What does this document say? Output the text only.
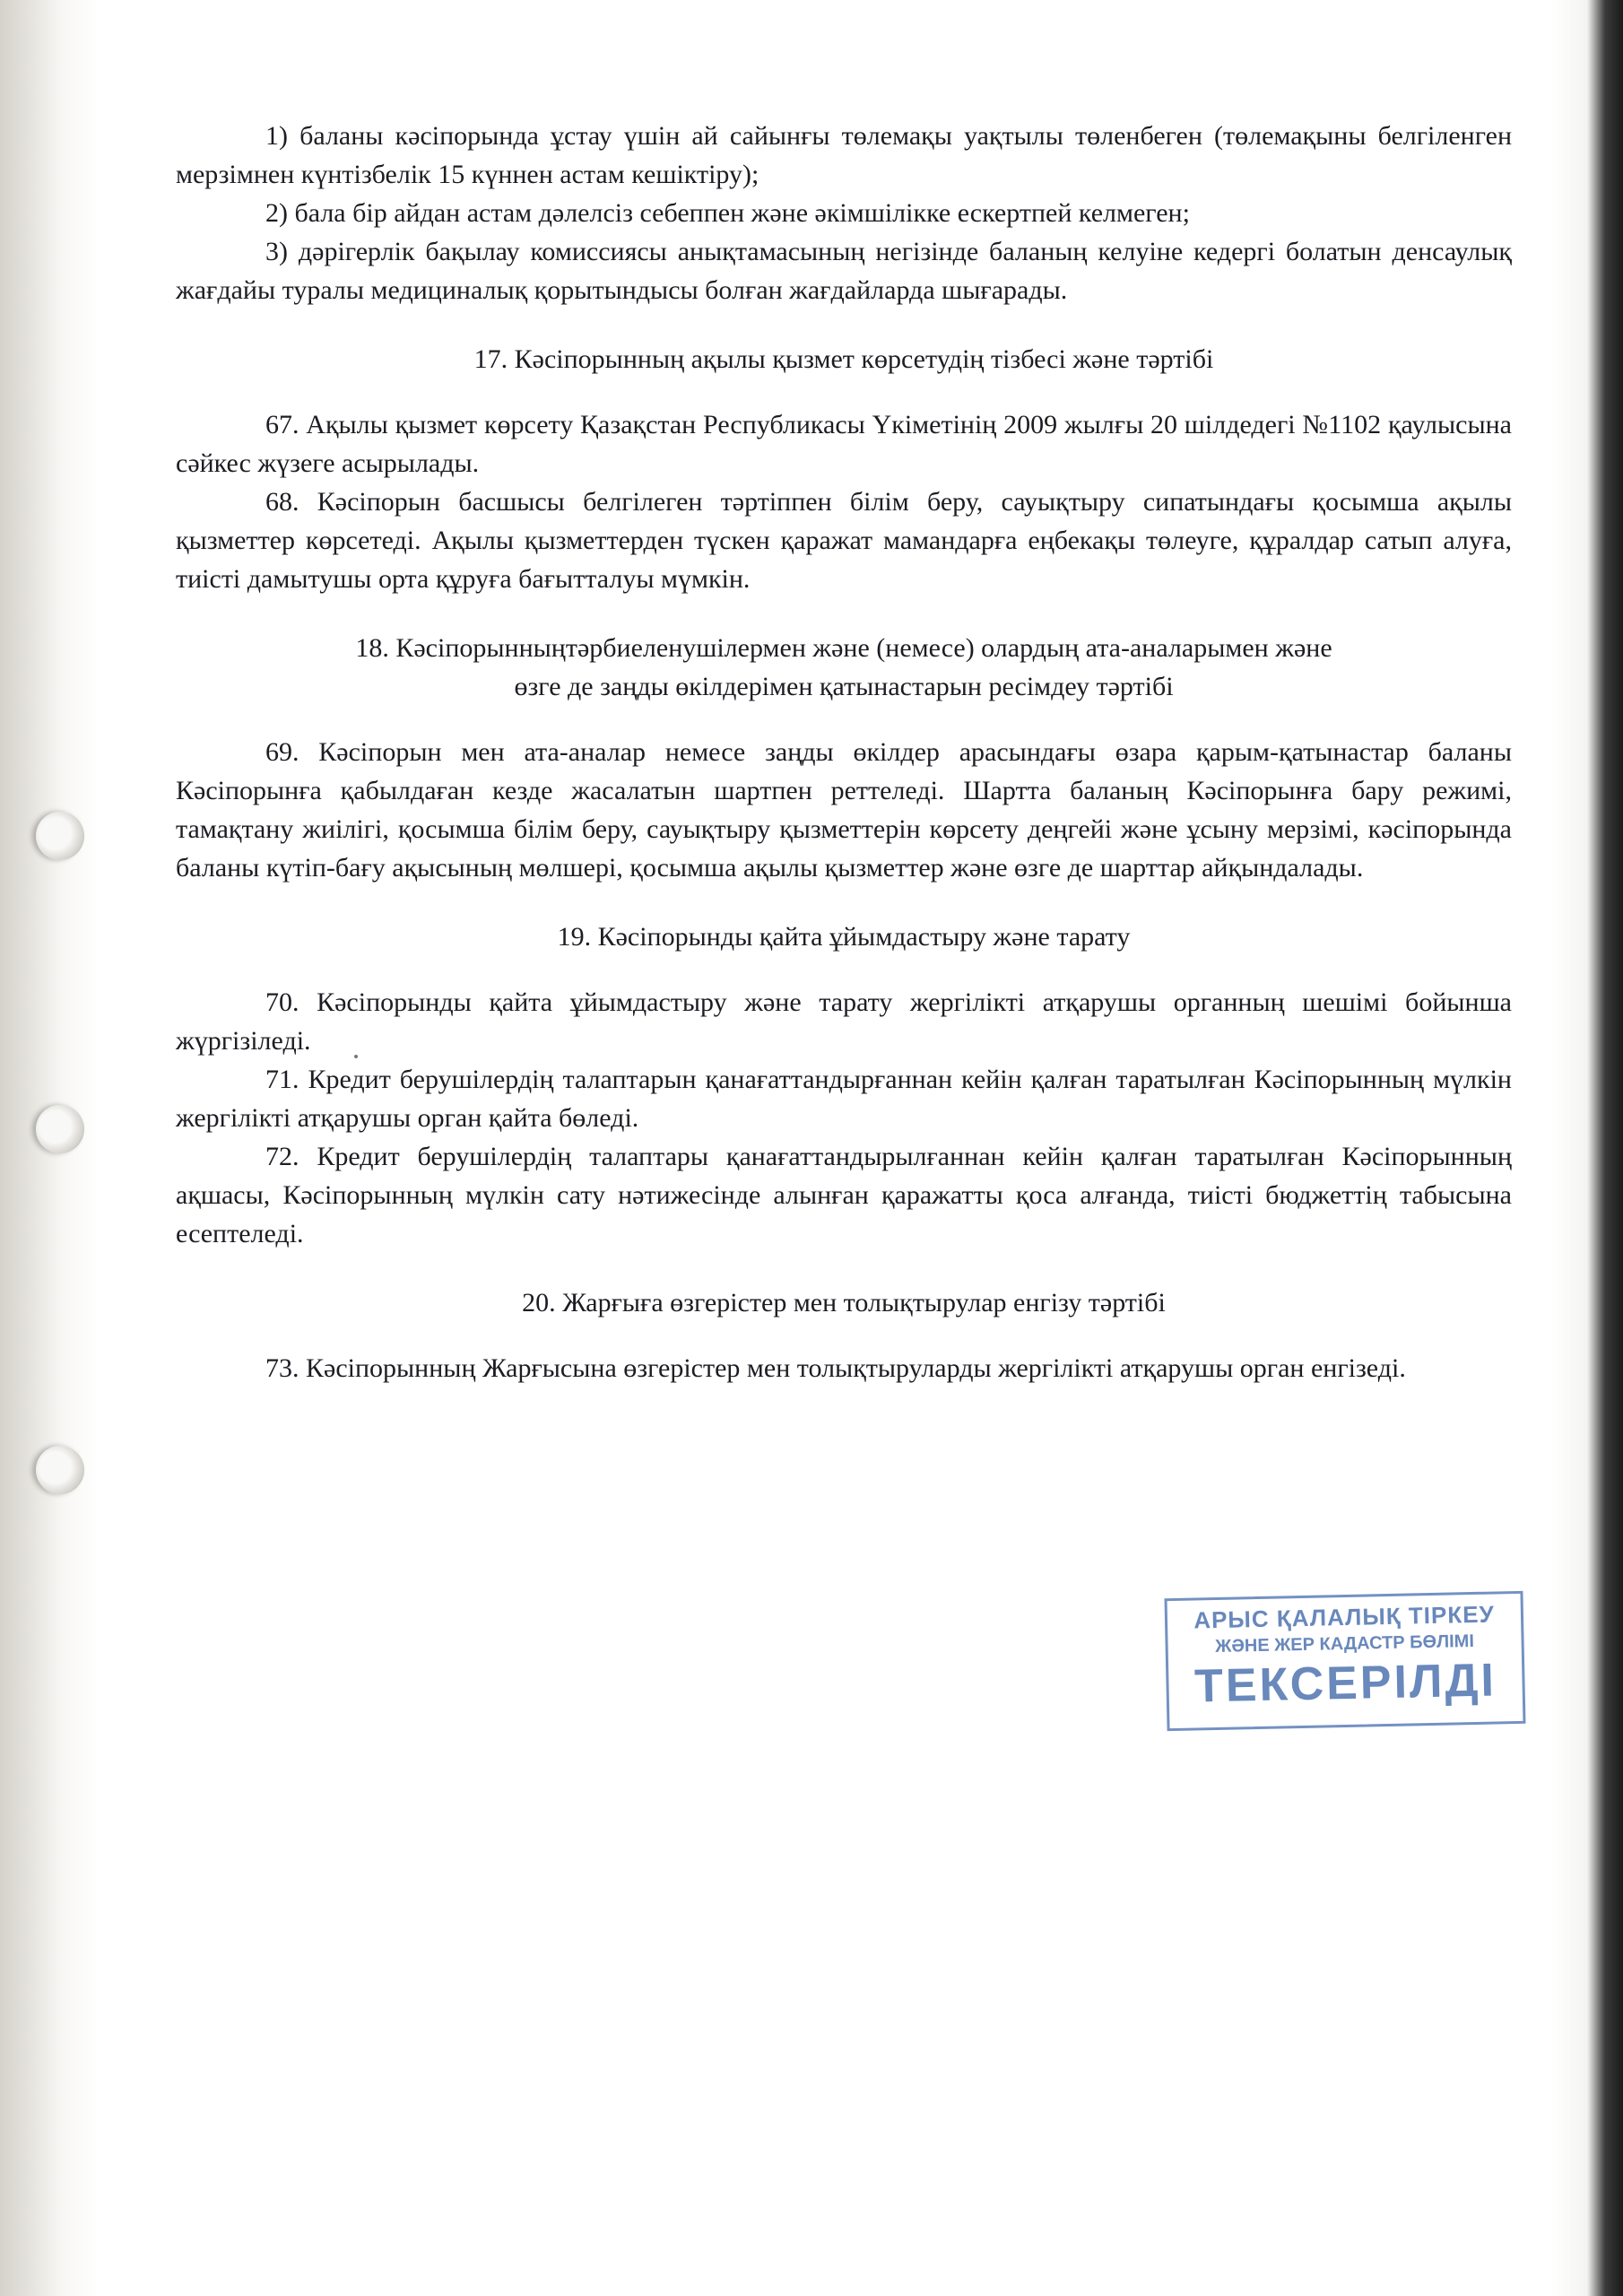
1) баланы кәсіпорында ұстау үшін ай сайынғы төлемақы уақтылы төленбеген (төлемақыны белгіленген мерзімнен күнтізбелік 15 күннен астам кешіктіру);

2) бала бір айдан астам дәлелсіз себеппен және әкімшілікке ескертпей келмеген;

3) дәрігерлік бақылау комиссиясы анықтамасының негізінде баланың келуіне кедергі болатын денсаулық жағдайы туралы медициналық қорытындысы болған жағдайларда шығарады.

17. Кәсіпорынның ақылы қызмет көрсетудің тізбесі және тәртібі

67. Ақылы қызмет көрсету Қазақстан Республикасы Үкіметінің 2009 жылғы 20 шілдедегі №1102 қаулысына сәйкес жүзеге асырылады.

68. Кәсіпорын басшысы белгілеген тәртіппен білім беру, сауықтыру сипатындағы қосымша ақылы қызметтер көрсетеді. Ақылы қызметтерден түскен қаражат мамандарға еңбекақы төлеуге, құралдар сатып алуға, тиісті дамытушы орта құруға бағытталуы мүмкін.

18. Кәсіпорынныңтәрбиеленушілермен және (немесе) олардың ата-аналарымен және
өзге де заңды өкілдерімен қатынастарын ресімдеу тәртібі

69. Кәсіпорын мен ата-аналар немесе заңды өкілдер арасындағы өзара қарым-қатынастар баланы Кәсіпорынға қабылдаған кезде жасалатын шартпен реттеледі. Шартта баланың Кәсіпорынға бару режимі, тамақтану жиілігі, қосымша білім беру, сауықтыру қызметтерін көрсету деңгейі және ұсыну мерзімі, кәсіпорында баланы күтіп-бағу ақысының мөлшері, қосымша ақылы қызметтер және өзге де шарттар айқындалады.

19. Кәсіпорынды қайта ұйымдастыру және тарату

70. Кәсіпорынды қайта ұйымдастыру және тарату жергілікті атқарушы органның шешімі бойынша жүргізіледі.

71. Кредит берушілердің талаптарын қанағаттандырғаннан кейін қалған таратылған Кәсіпорынның мүлкін жергілікті атқарушы орган қайта бөледі.

72. Кредит берушілердің талаптары қанағаттандырылғаннан кейін қалған таратылған Кәсіпорынның ақшасы, Кәсіпорынның мүлкін сату нәтижесінде алынған қаражатты қоса алғанда, тиісті бюджеттің табысына есептеледі.

20. Жарғыға өзгерістер мен толықтырулар енгізу тәртібі

73. Кәсіпорынның Жарғысына өзгерістер мен толықтыруларды жергілікті атқарушы орган енгізеді.

АРЫС ҚАЛАЛЫҚ ТІРКЕУ
ЖӘНЕ ЖЕР КАДАСТР БӨЛІМІ
ТЕКСЕРІЛДІ
